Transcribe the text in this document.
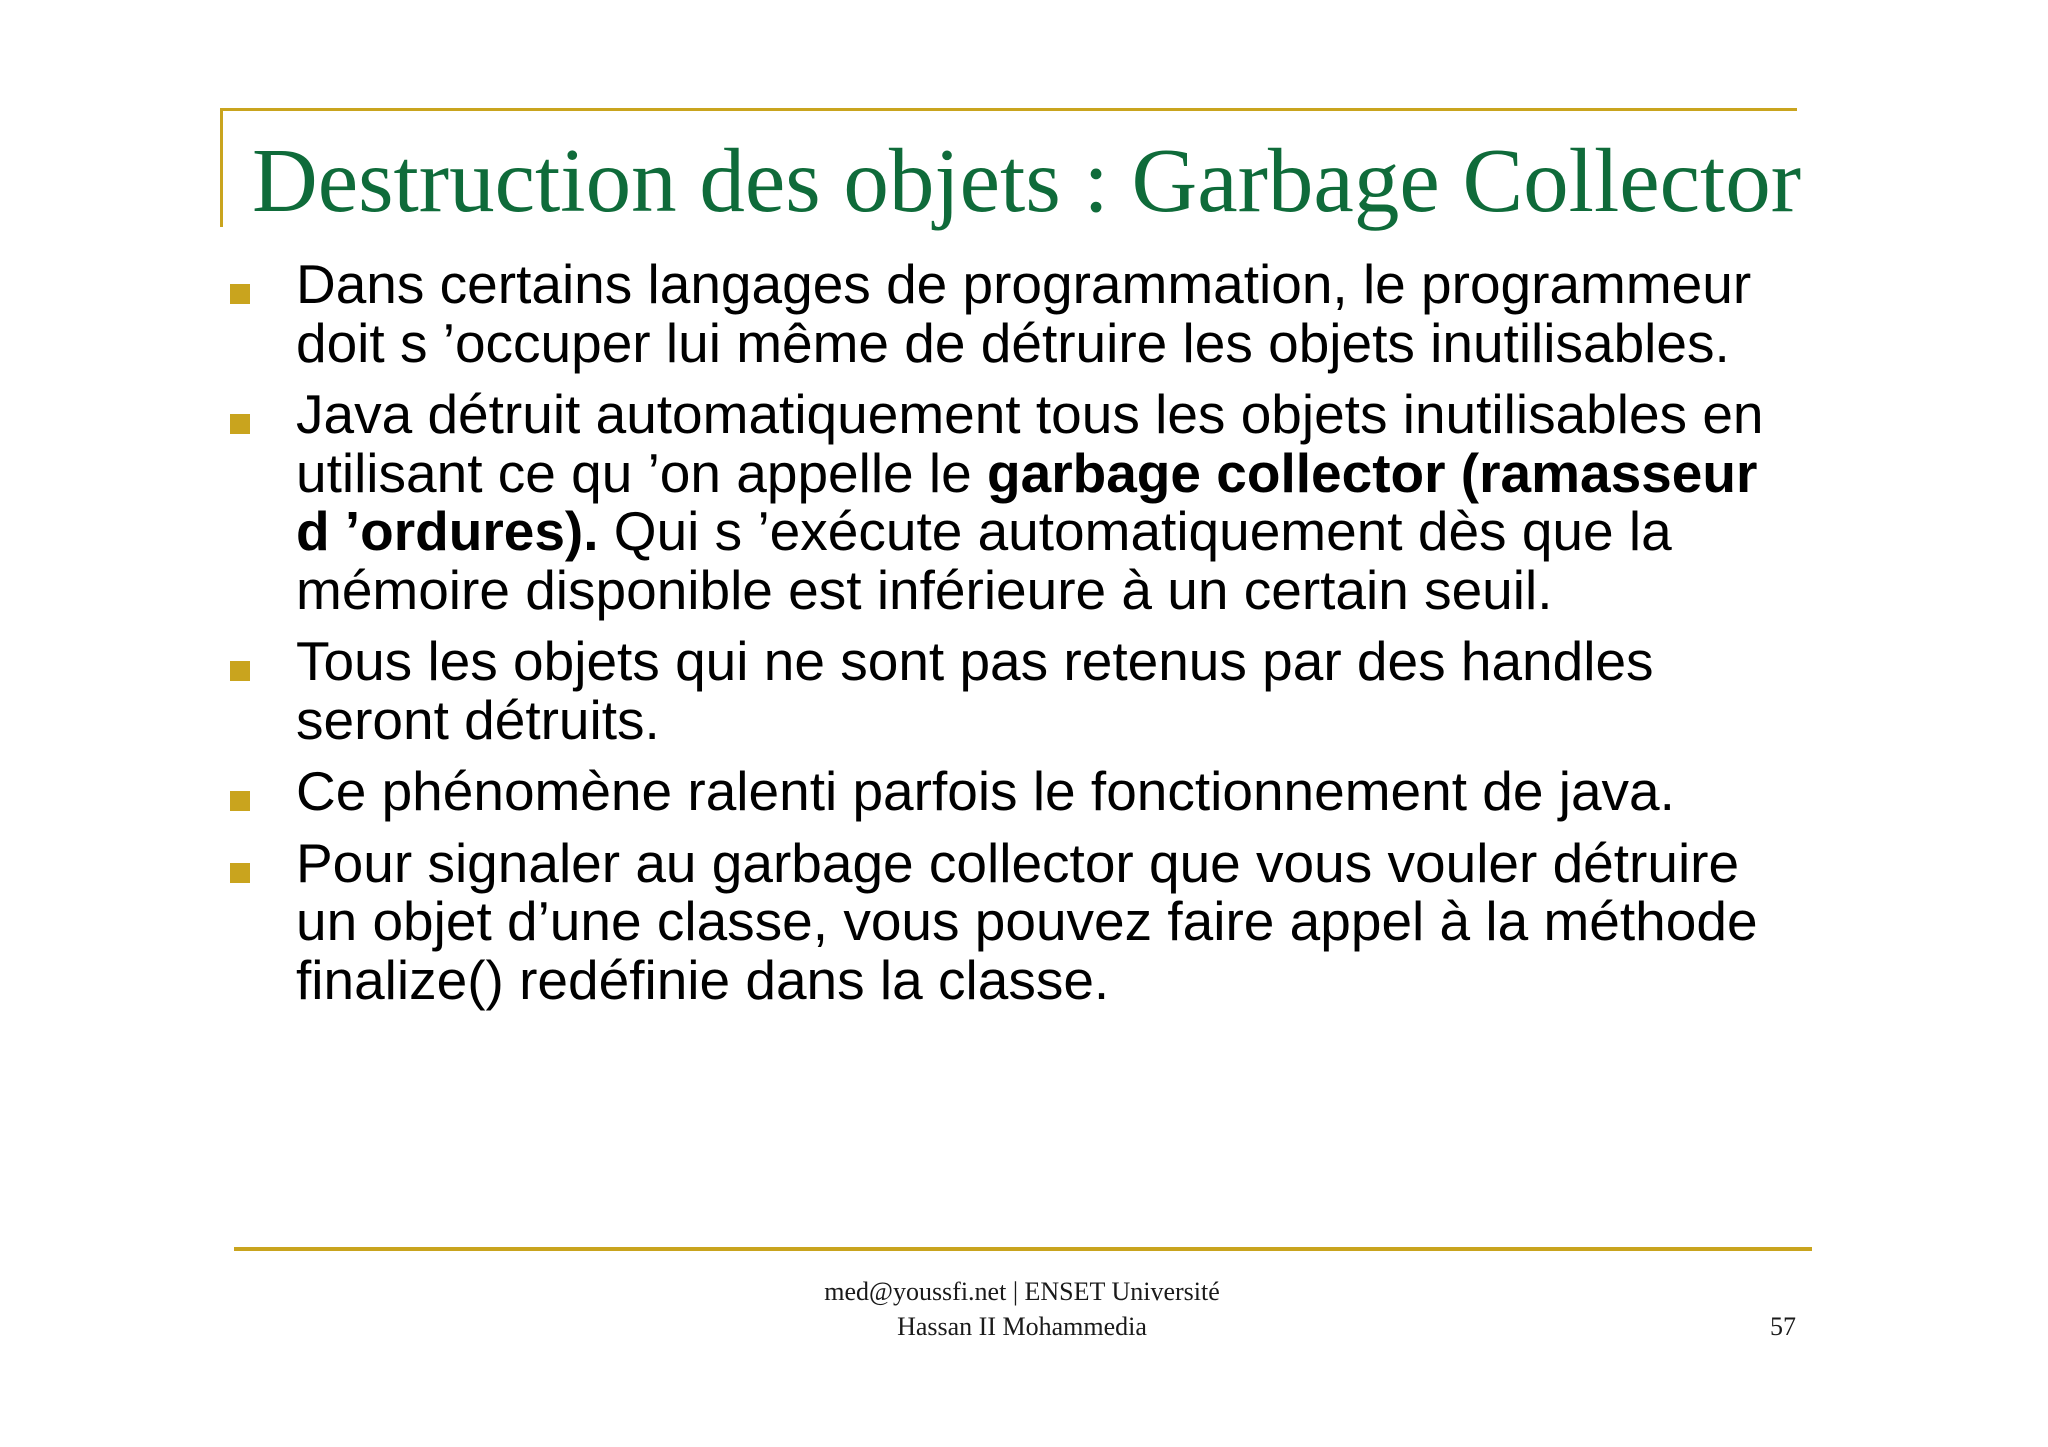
Destruction des objets : Garbage Collector
Dans certains langages de programmation, le programmeur doit s ’occuper lui même de détruire les objets inutilisables.
Java détruit automatiquement tous les objets inutilisables en utilisant ce qu ’on appelle le garbage collector (ramasseur d ’ordures). Qui s ’exécute automatiquement dès que la mémoire disponible est inférieure à un certain seuil.
Tous les objets qui ne sont pas retenus par des handles seront détruits.
Ce phénomène ralenti parfois le fonctionnement de java.
Pour signaler au garbage collector que vous vouler détruire un objet d’une classe, vous pouvez faire appel à la méthode finalize() redéfinie dans la classe.
med@youssfi.net | ENSET Université
Hassan II Mohammedia	57
